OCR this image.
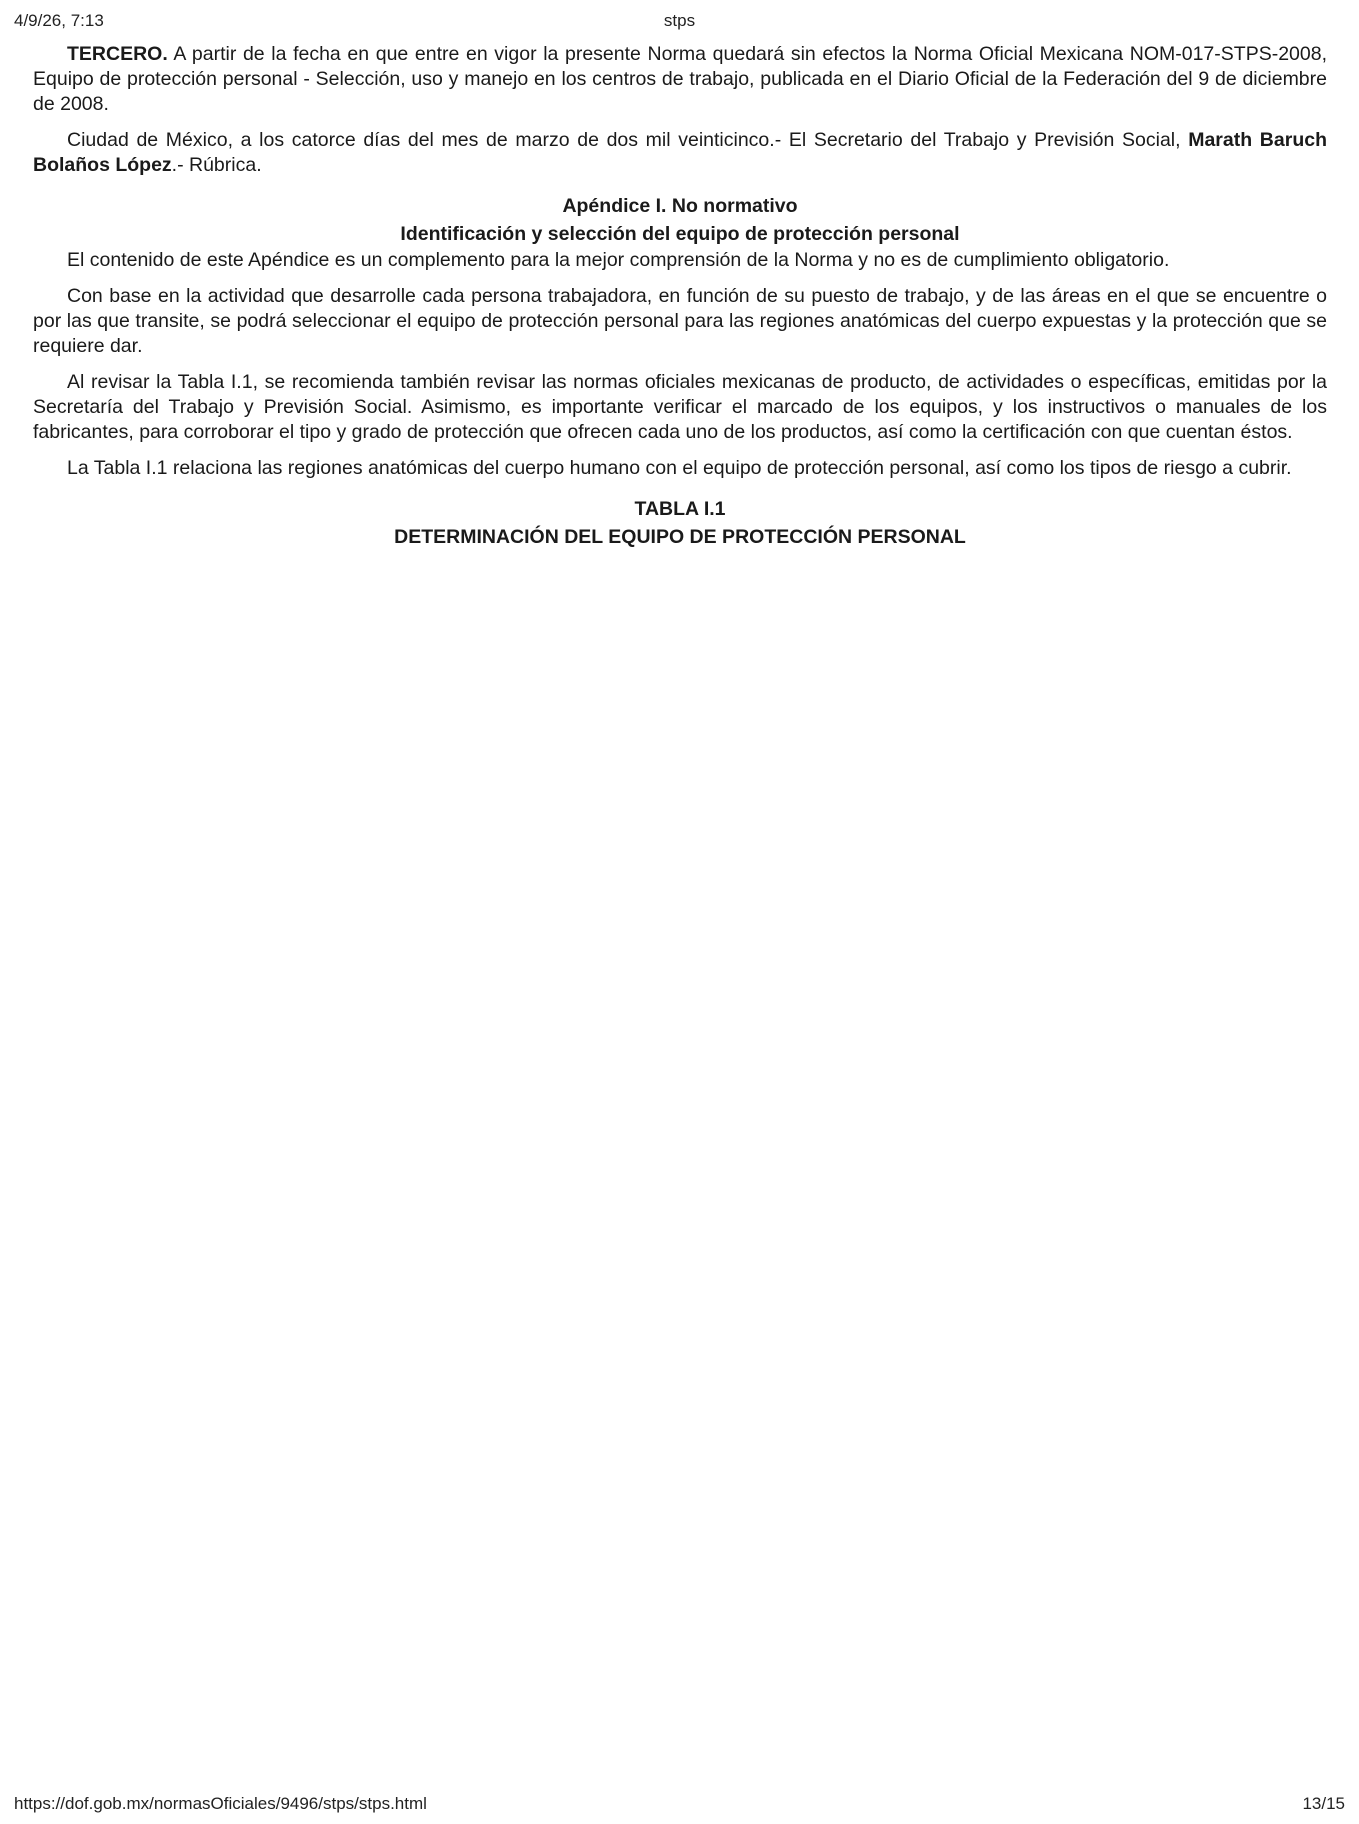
4/9/26, 7:13	stps

TERCERO. A partir de la fecha en que entre en vigor la presente Norma quedará sin efectos la Norma Oficial Mexicana NOM-017-STPS-2008, Equipo de protección personal - Selección, uso y manejo en los centros de trabajo, publicada en el Diario Oficial de la Federación del 9 de diciembre de 2008.

Ciudad de México, a los catorce días del mes de marzo de dos mil veinticinco.- El Secretario del Trabajo y Previsión Social, Marath Baruch Bolaños López.- Rúbrica.

Apéndice I. No normativo
Identificación y selección del equipo de protección personal

El contenido de este Apéndice es un complemento para la mejor comprensión de la Norma y no es de cumplimiento obligatorio.

Con base en la actividad que desarrolle cada persona trabajadora, en función de su puesto de trabajo, y de las áreas en el que se encuentre o por las que transite, se podrá seleccionar el equipo de protección personal para las regiones anatómicas del cuerpo expuestas y la protección que se requiere dar.

Al revisar la Tabla I.1, se recomienda también revisar las normas oficiales mexicanas de producto, de actividades o específicas, emitidas por la Secretaría del Trabajo y Previsión Social. Asimismo, es importante verificar el marcado de los equipos, y los instructivos o manuales de los fabricantes, para corroborar el tipo y grado de protección que ofrecen cada uno de los productos, así como la certificación con que cuentan éstos.

La Tabla I.1 relaciona las regiones anatómicas del cuerpo humano con el equipo de protección personal, así como los tipos de riesgo a cubrir.

TABLA I.1
DETERMINACIÓN DEL EQUIPO DE PROTECCIÓN PERSONAL
https://dof.gob.mx/normasOficiales/9496/stps/stps.html	13/15
